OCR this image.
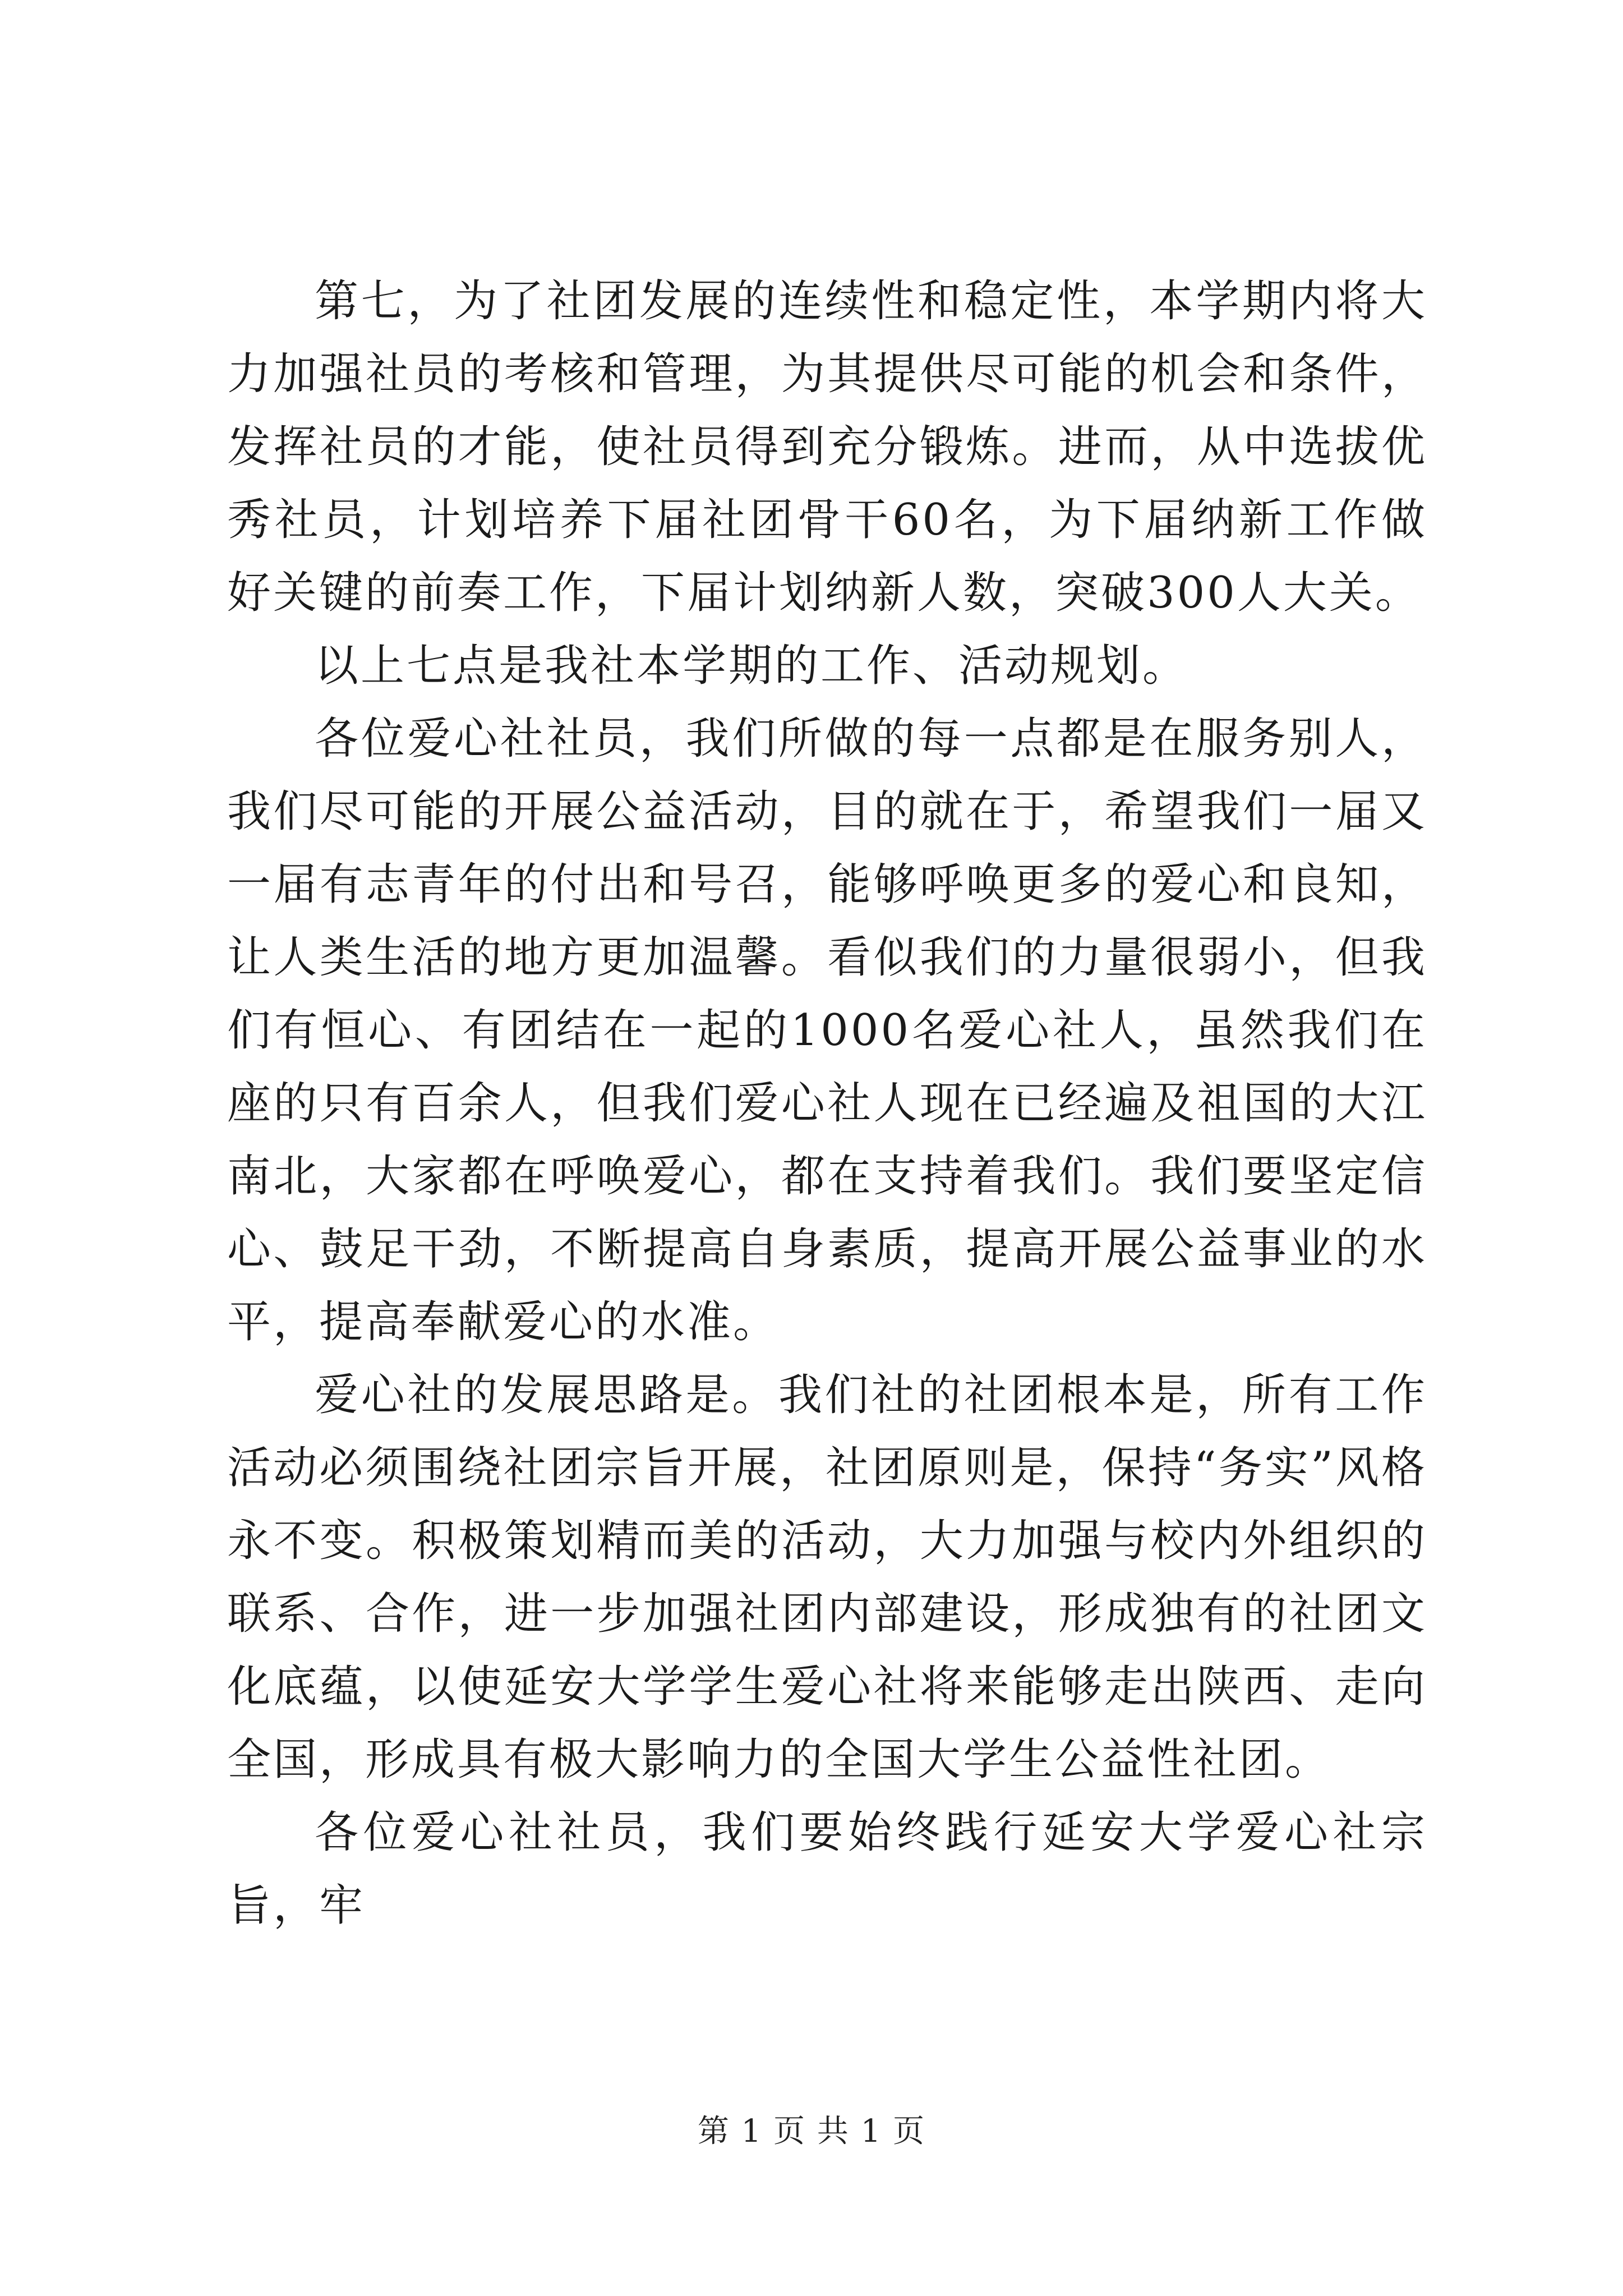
第七，为了社团发展的连续性和稳定性，本学期内将大力加强社员的考核和管理，为其提供尽可能的机会和条件，发挥社员的才能，使社员得到充分锻炼。进而，从中选拔优秀社员，计划培养下届社团骨干60名，为下届纳新工作做好关键的前奏工作，下届计划纳新人数，突破300人大关。

以上七点是我社本学期的工作、活动规划。

各位爱心社社员，我们所做的每一点都是在服务别人，我们尽可能的开展公益活动，目的就在于，希望我们一届又一届有志青年的付出和号召，能够呼唤更多的爱心和良知，让人类生活的地方更加温馨。看似我们的力量很弱小，但我们有恒心、有团结在一起的1000名爱心社人，虽然我们在座的只有百余人，但我们爱心社人现在已经遍及祖国的大江南北，大家都在呼唤爱心，都在支持着我们。我们要坚定信心、鼓足干劲，不断提高自身素质，提高开展公益事业的水平，提高奉献爱心的水准。

爱心社的发展思路是。我们社的社团根本是，所有工作活动必须围绕社团宗旨开展，社团原则是，保持“务实”风格永不变。积极策划精而美的活动，大力加强与校内外组织的联系、合作，进一步加强社团内部建设，形成独有的社团文化底蕴，以使延安大学学生爱心社将来能够走出陕西、走向全国，形成具有极大影响力的全国大学生公益性社团。

各位爱心社社员，我们要始终践行延安大学爱心社宗旨，牢

第 1 页 共 1 页
